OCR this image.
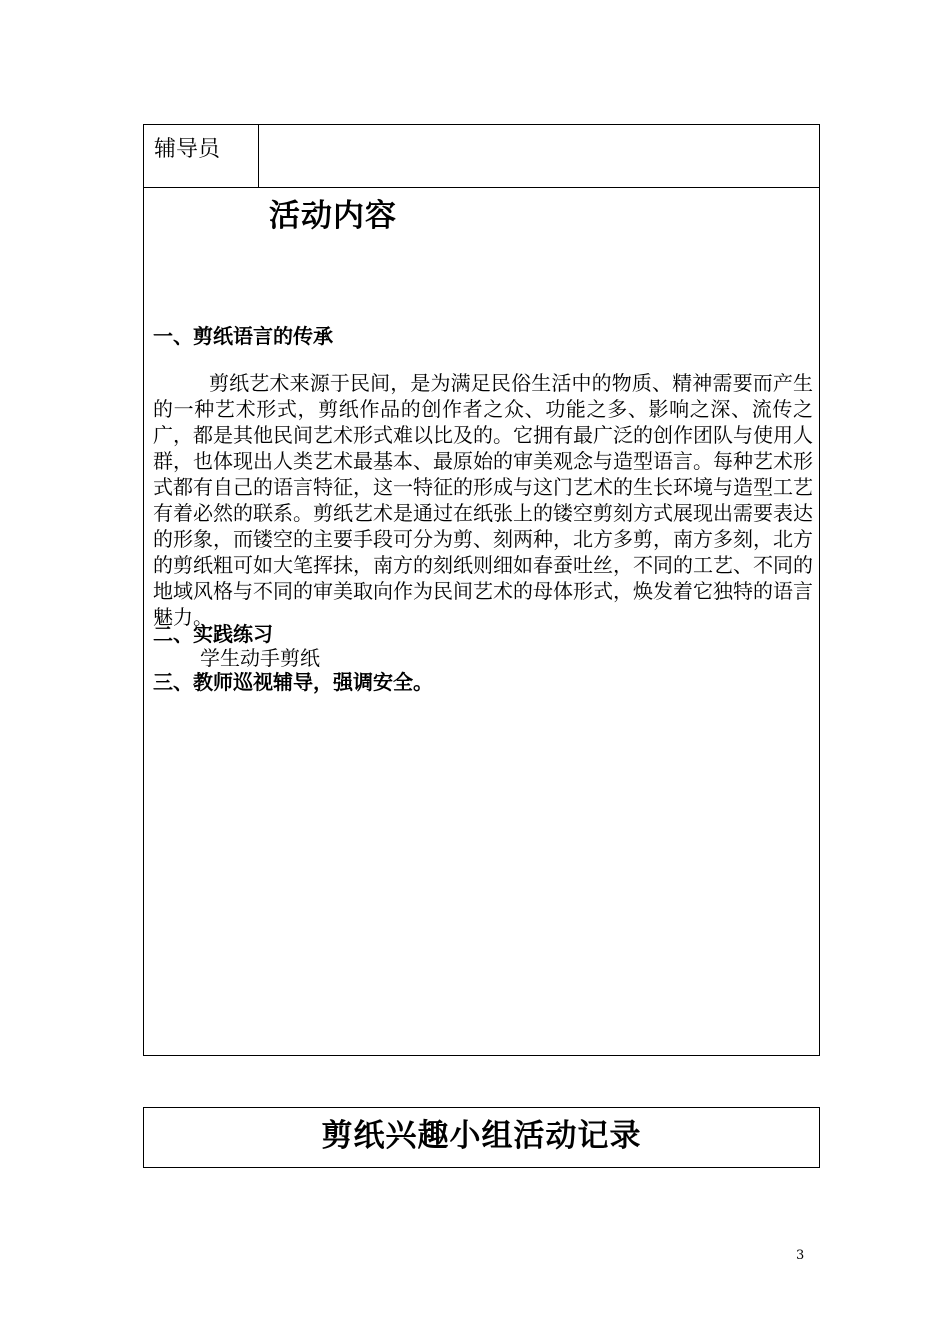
辅导员
活动内容
一、剪纸语言的传承
剪纸艺术来源于民间，是为满足民俗生活中的物质、精神需要而产生的一种艺术形式，剪纸作品的创作者之众、功能之多、影响之深、流传之广，都是其他民间艺术形式难以比及的。它拥有最广泛的创作团队与使用人群，也体现出人类艺术最基本、最原始的审美观念与造型语言。每种艺术形式都有自己的语言特征，这一特征的形成与这门艺术的生长环境与造型工艺有着必然的联系。剪纸艺术是通过在纸张上的镂空剪刻方式展现出需要表达的形象，而镂空的主要手段可分为剪、刻两种，北方多剪，南方多刻，北方的剪纸粗可如大笔挥抹，南方的刻纸则细如春蚕吐丝，不同的工艺、不同的地域风格与不同的审美取向作为民间艺术的母体形式，焕发着它独特的语言魅力。
二、实践练习
学生动手剪纸
三、教师巡视辅导，强调安全。
剪纸兴趣小组活动记录
3
